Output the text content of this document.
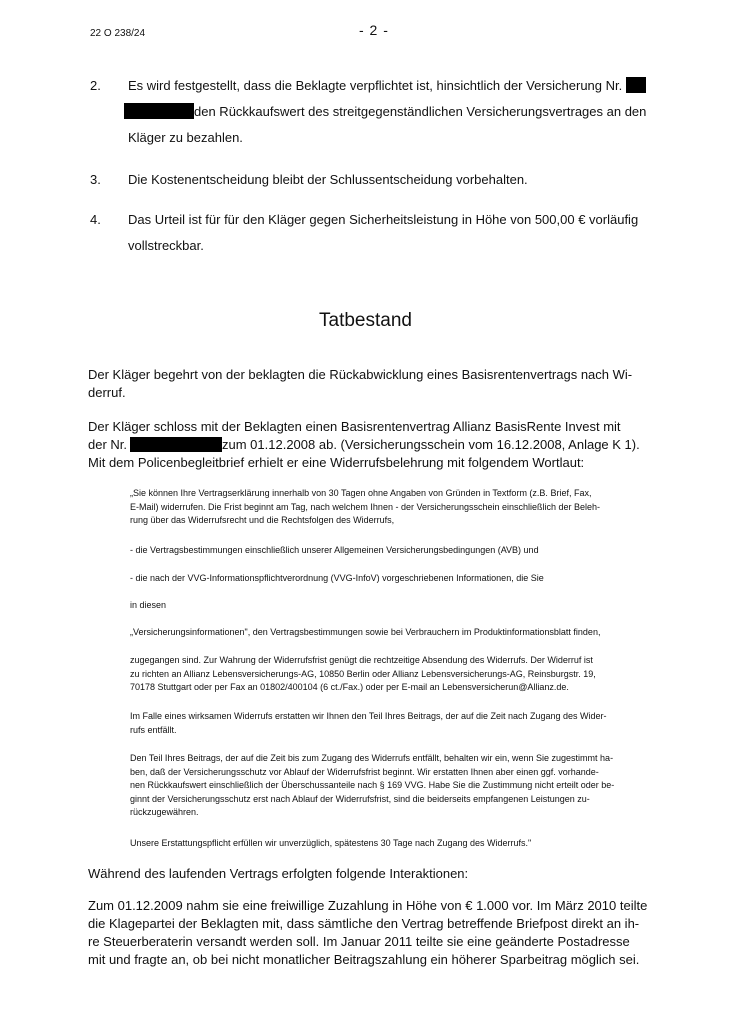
22 O 238/24	- 2 -
2. Es wird festgestellt, dass die Beklagte verpflichtet ist, hinsichtlich der Versicherung Nr.
den Rückkaufswert des streitgegenständlichen Versicherungsvertrages an den
Kläger zu bezahlen.
3. Die Kostenentscheidung bleibt der Schlussentscheidung vorbehalten.
4. Das Urteil ist für für den Kläger gegen Sicherheitsleistung in Höhe von 500,00 € vorläufig
vollstreckbar.
Tatbestand
Der Kläger begehrt von der beklagten die Rückabwicklung eines Basisrentenvertrags nach Wi-
derruf.
Der Kläger schloss mit der Beklagten einen Basisrentenvertrag Allianz BasisRente Invest mit
der Nr.	zum 01.12.2008 ab. (Versicherungsschein vom 16.12.2008, Anlage K 1).
Mit dem Policenbegleitbrief erhielt er eine Widerrufsbelehrung mit folgendem Wortlaut:
„Sie können Ihre Vertragserklärung innerhalb von 30 Tagen ohne Angaben von Gründen in Textform (z.B. Brief, Fax,
E-Mail) widerrufen. Die Frist beginnt am Tag, nach welchem Ihnen - der Versicherungsschein einschließlich der Beleh-
rung über das Widerrufsrecht und die Rechtsfolgen des Widerrufs,
- die Vertragsbestimmungen einschließlich unserer Allgemeinen Versicherungsbedingungen (AVB) und
- die nach der VVG-Informationspflichtverordnung (VVG-InfoV) vorgeschriebenen Informationen, die Sie
in diesen
„Versicherungsinformationen", den Vertragsbestimmungen sowie bei Verbrauchern im Produktinformationsblatt finden,
zugegangen sind. Zur Wahrung der Widerrufsfrist genügt die rechtzeitige Absendung des Widerrufs. Der Widerruf ist
zu richten an Allianz Lebensversicherungs-AG, 10850 Berlin oder Allianz Lebensversicherungs-AG, Reinsburgstr. 19,
70178 Stuttgart oder per Fax an 01802/400104 (6 ct./Fax.) oder per E-mail an Lebensversicherun@Allianz.de.
Im Falle eines wirksamen Widerrufs erstatten wir Ihnen den Teil Ihres Beitrags, der auf die Zeit nach Zugang des Wider-
rufs entfällt.
Den Teil Ihres Beitrags, der auf die Zeit bis zum Zugang des Widerrufs entfällt, behalten wir ein, wenn Sie zugestimmt ha-
ben, daß der Versicherungsschutz vor Ablauf der Widerrufsfrist beginnt. Wir erstatten Ihnen aber einen ggf. vorhande-
nen Rückkaufswert einschließlich der Überschussanteile nach § 169 VVG. Habe Sie die Zustimmung nicht erteilt oder be-
ginnt der Versicherungsschutz erst nach Ablauf der Widerrufsfrist, sind die beiderseits empfangenen Leistungen zu-
rückzugewähren.
Unsere Erstattungspflicht erfüllen wir unverzüglich, spätestens 30 Tage nach Zugang des Widerrufs."
Während des laufenden Vertrags erfolgten folgende Interaktionen:
Zum 01.12.2009 nahm sie eine freiwillige Zuzahlung in Höhe von € 1.000 vor. Im März 2010 teilte
die Klagepartei der Beklagten mit, dass sämtliche den Vertrag betreffende Briefpost direkt an ih-
re Steuerberaterin versandt werden soll. Im Januar 2011 teilte sie eine geänderte Postadresse
mit und fragte an, ob bei nicht monatlicher Beitragszahlung ein höherer Sparbeitrag möglich sei.
